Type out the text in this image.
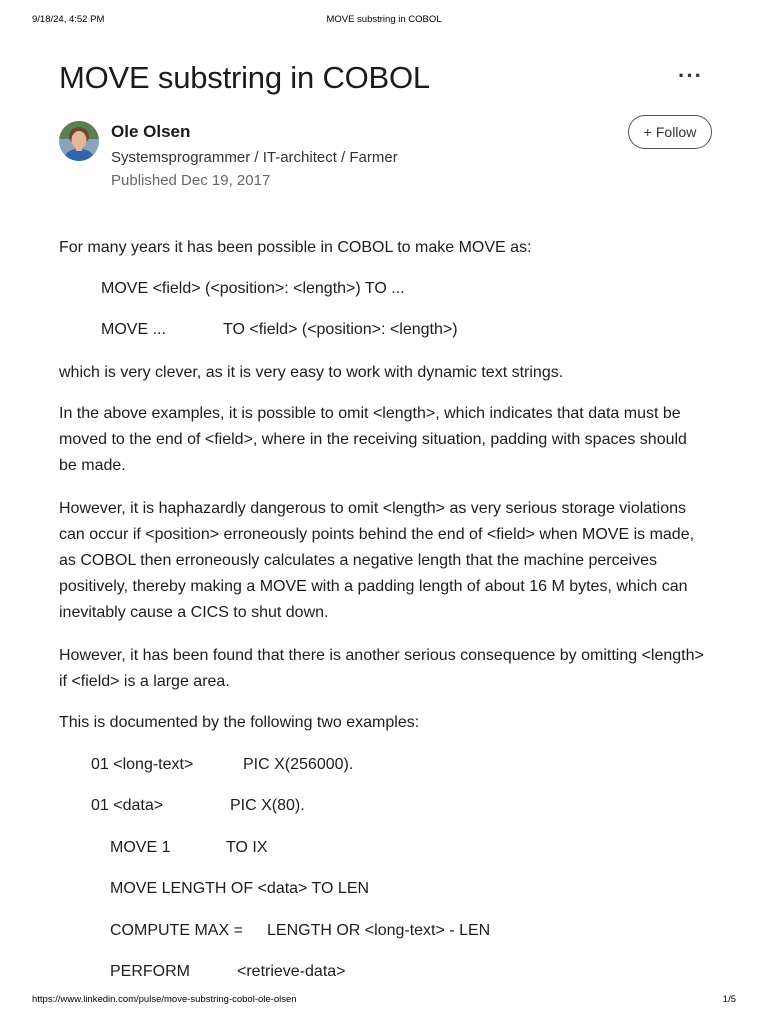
9/18/24, 4:52 PM	MOVE substring in COBOL
MOVE substring in COBOL	···
Ole Olsen
Systemsprogrammer / IT-architect / Farmer
Published Dec 19, 2017
+ Follow

For many years it has been possible in COBOL to make MOVE as:

MOVE <field> (<position>: <length>) TO ...
MOVE ...	TO <field> (<position>: <length>)

which is very clever, as it is very easy to work with dynamic text strings.

In the above examples, it is possible to omit <length>, which indicates that data must be moved to the end of <field>, where in the receiving situation, padding with spaces should be made.

However, it is haphazardly dangerous to omit <length> as very serious storage violations can occur if <position> erroneously points behind the end of <field> when MOVE is made, as COBOL then erroneously calculates a negative length that the machine perceives positively, thereby making a MOVE with a padding length of about 16 M bytes, which can inevitably cause a CICS to shut down.

However, it has been found that there is another serious consequence by omitting <length> if <field> is a large area.

This is documented by the following two examples:

01 <long-text>	PIC X(256000).
01 <data>	PIC X(80).
MOVE 1	TO IX
MOVE LENGTH OF <data> TO LEN
COMPUTE MAX = LENGTH OR <long-text> - LEN
PERFORM	<retrieve-data>
https://www.linkedin.com/pulse/move-substring-cobol-ole-olsen	1/5
